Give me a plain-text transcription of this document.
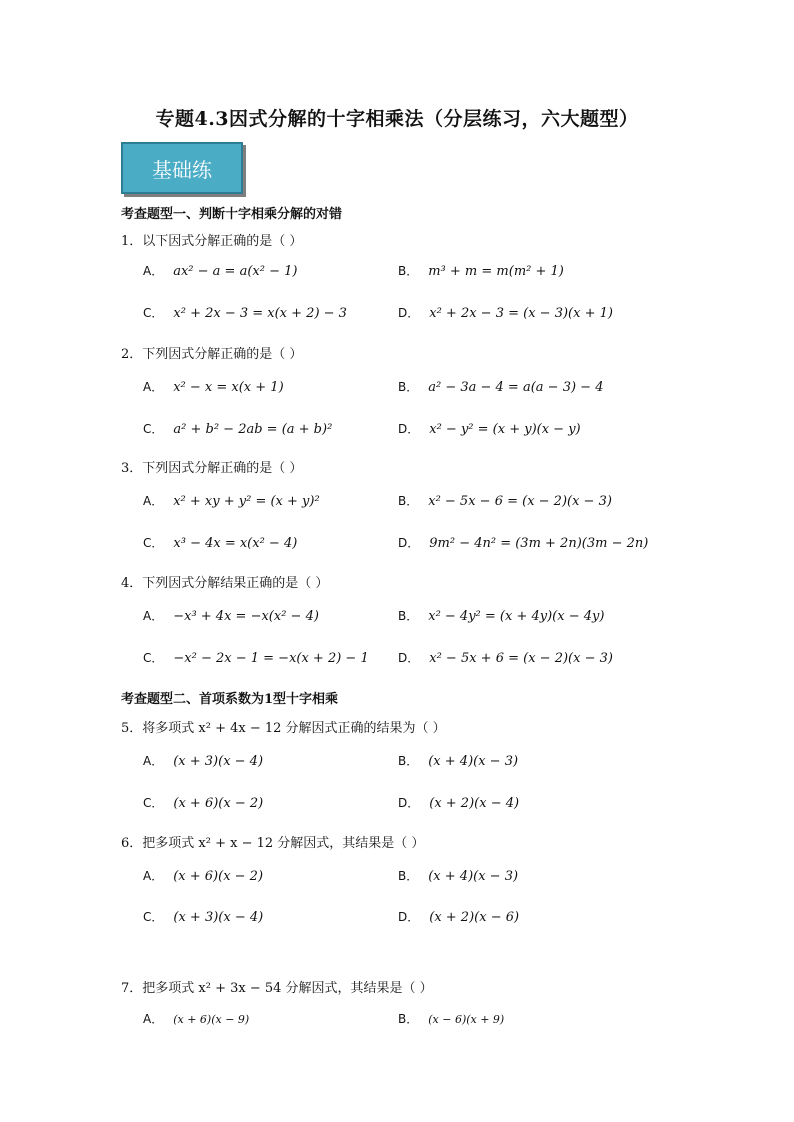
专题4.3因式分解的十字相乘法（分层练习，六大题型）
基础练
考查题型一、判断十字相乘分解的对错
1．以下因式分解正确的是（ ）
A． ax² − a = a(x² − 1)	B． m³ + m = m(m² + 1)
C． x² + 2x − 3 = x(x + 2) − 3	D． x² + 2x − 3 = (x − 3)(x + 1)
2．下列因式分解正确的是（ ）
A． x² − x = x(x + 1)	B． a² − 3a − 4 = a(a − 3) − 4
C． a² + b² − 2ab = (a + b)²	D． x² − y² = (x + y)(x − y)
3．下列因式分解正确的是（ ）
A． x² + xy + y² = (x + y)²	B． x² − 5x − 6 = (x − 2)(x − 3)
C． x³ − 4x = x(x² − 4)	D． 9m² − 4n² = (3m + 2n)(3m − 2n)
4．下列因式分解结果正确的是（ ）
A． −x³ + 4x = −x(x² − 4)	B． x² − 4y² = (x + 4y)(x − 4y)
C． −x² − 2x − 1 = −x(x + 2) − 1 D． x² − 5x + 6 = (x − 2)(x − 3)
考查题型二、首项系数为1型十字相乘
5．将多项式 x² + 4x − 12 分解因式正确的结果为（ ）
A． (x + 3)(x − 4)	B． (x + 4)(x − 3)
C． (x + 6)(x − 2)	D． (x + 2)(x − 4)
6．把多项式 x² + x − 12 分解因式，其结果是（ ）
A． (x + 6)(x − 2)	B． (x + 4)(x − 3)
C． (x + 3)(x − 4)	D． (x + 2)(x − 6)
7．把多项式 x² + 3x − 54 分解因式，其结果是（ ）
A． (x + 6)(x − 9)	B． (x − 6)(x + 9)
